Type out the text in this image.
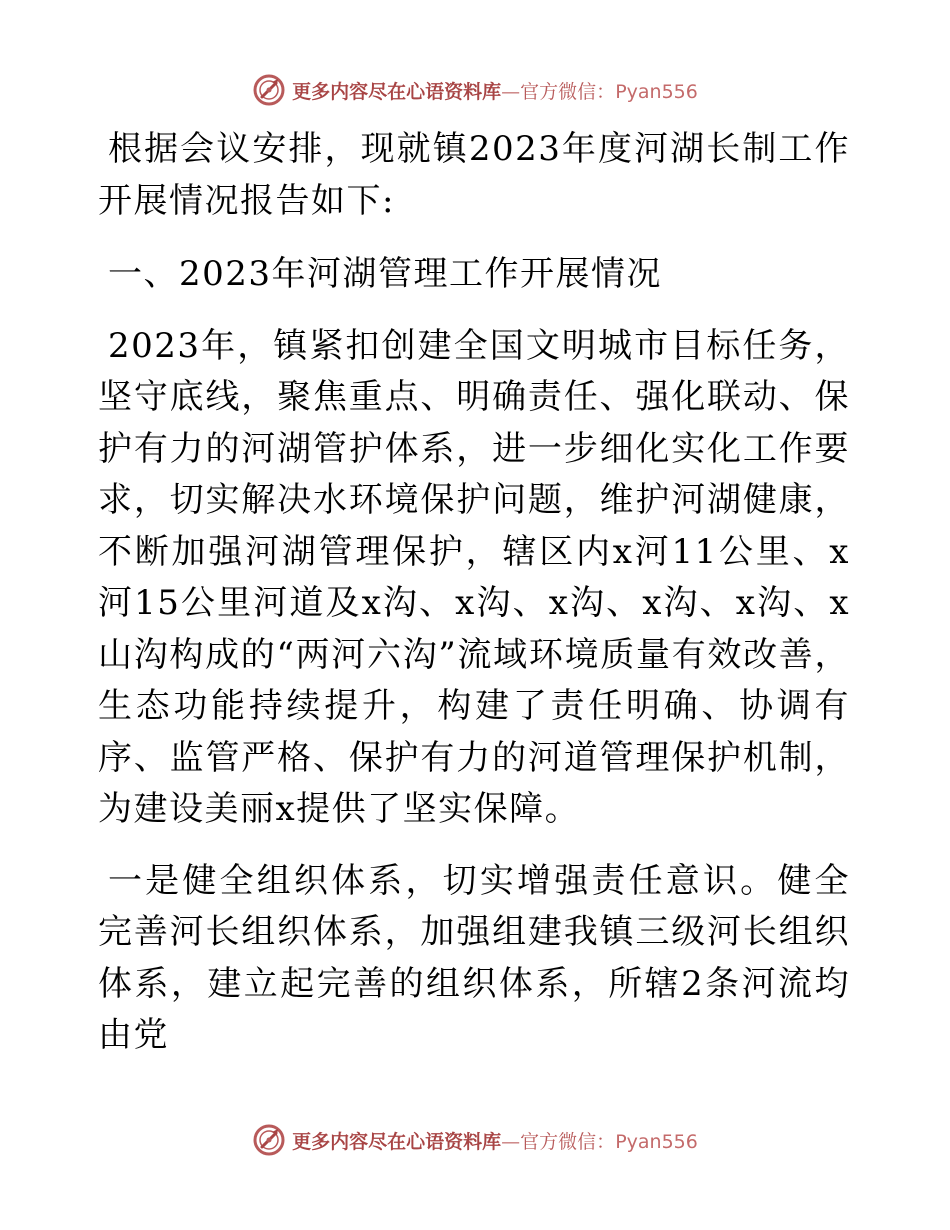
更多内容尽在心语资料库—官方微信：Pyan556

根据会议安排，现就镇2023年度河湖长制工作开展情况报告如下:

一、2023年河湖管理工作开展情况

2023年，镇紧扣创建全国文明城市目标任务，坚守底线，聚焦重点、明确责任、强化联动、保护有力的河湖管护体系，进一步细化实化工作要求，切实解决水环境保护问题，维护河湖健康，不断加强河湖管理保护，辖区内x河11公里、x河15公里河道及x沟、x沟、x沟、x沟、x沟、x山沟构成的“两河六沟”流域环境质量有效改善，生态功能持续提升，构建了责任明确、协调有序、监管严格、保护有力的河道管理保护机制，为建设美丽x提供了坚实保障。

一是健全组织体系，切实增强责任意识。健全完善河长组织体系，加强组建我镇三级河长组织体系，建立起完善的组织体系，所辖2条河流均由党

更多内容尽在心语资料库—官方微信：Pyan556
